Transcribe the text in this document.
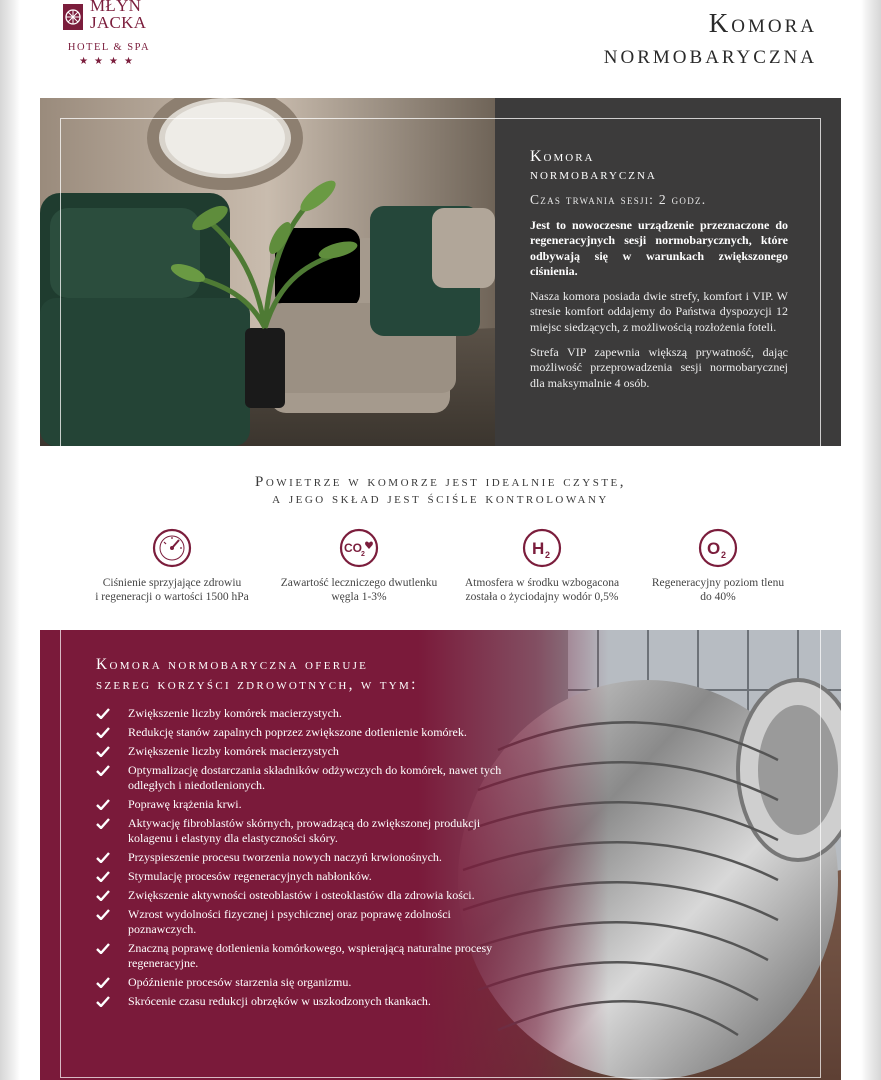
MŁYN
JACKA
HOTEL & SPA
★★★★
Komora
normobaryczna
Komora
normobaryczna
Czas trwania sesji: 2 godz.

Jest to nowoczesne urządzenie przeznaczone do regeneracyjnych sesji normobarycznych, które odbywają się w warunkach zwiększonego ciśnienia.

Nasza komora posiada dwie strefy, komfort i VIP. W stresie komfort oddajemy do Państwa dyspozycji 12 miejsc siedzących, z możliwością rozłożenia foteli.

Strefa VIP zapewnia większą prywatność, dając możliwość przeprowadzenia sesji normobarycznej dla maksymalnie 4 osób.

Powietrze w komorze jest idealnie czyste,
a jego skład jest ściśle kontrolowany
Ciśnienie sprzyjające zdrowiu
i regeneracji o wartości 1500 hPa
CO 2
Zawartość leczniczego dwutlenku
węgla 1-3%
H 2
Atmosfera w środku wzbogacona
została o życiodajny wodór 0,5%
O 2
Regeneracyjny poziom tlenu
do 40%
Komora normobaryczna oferuje
szereg korzyści zdrowotnych, w tym:
Zwiększenie liczby komórek macierzystych.
Redukcję stanów zapalnych poprzez zwiększone dotlenienie komórek.
Zwiększenie liczby komórek macierzystych
Optymalizację dostarczania składników odżywczych do komórek, nawet tych odległych i niedotlenionych.
Poprawę krążenia krwi.
Aktywację fibroblastów skórnych, prowadzącą do zwiększonej produkcji kolagenu i elastyny dla elastyczności skóry.
Przyspieszenie procesu tworzenia nowych naczyń krwionośnych.
Stymulację procesów regeneracyjnych nabłonków.
Zwiększenie aktywności osteoblastów i osteoklastów dla zdrowia kości.
Wzrost wydolności fizycznej i psychicznej oraz poprawę zdolności poznawczych.
Znaczną poprawę dotlenienia komórkowego, wspierającą naturalne procesy regeneracyjne.
Opóźnienie procesów starzenia się organizmu.
Skrócenie czasu redukcji obrzęków w uszkodzonych tkankach.
